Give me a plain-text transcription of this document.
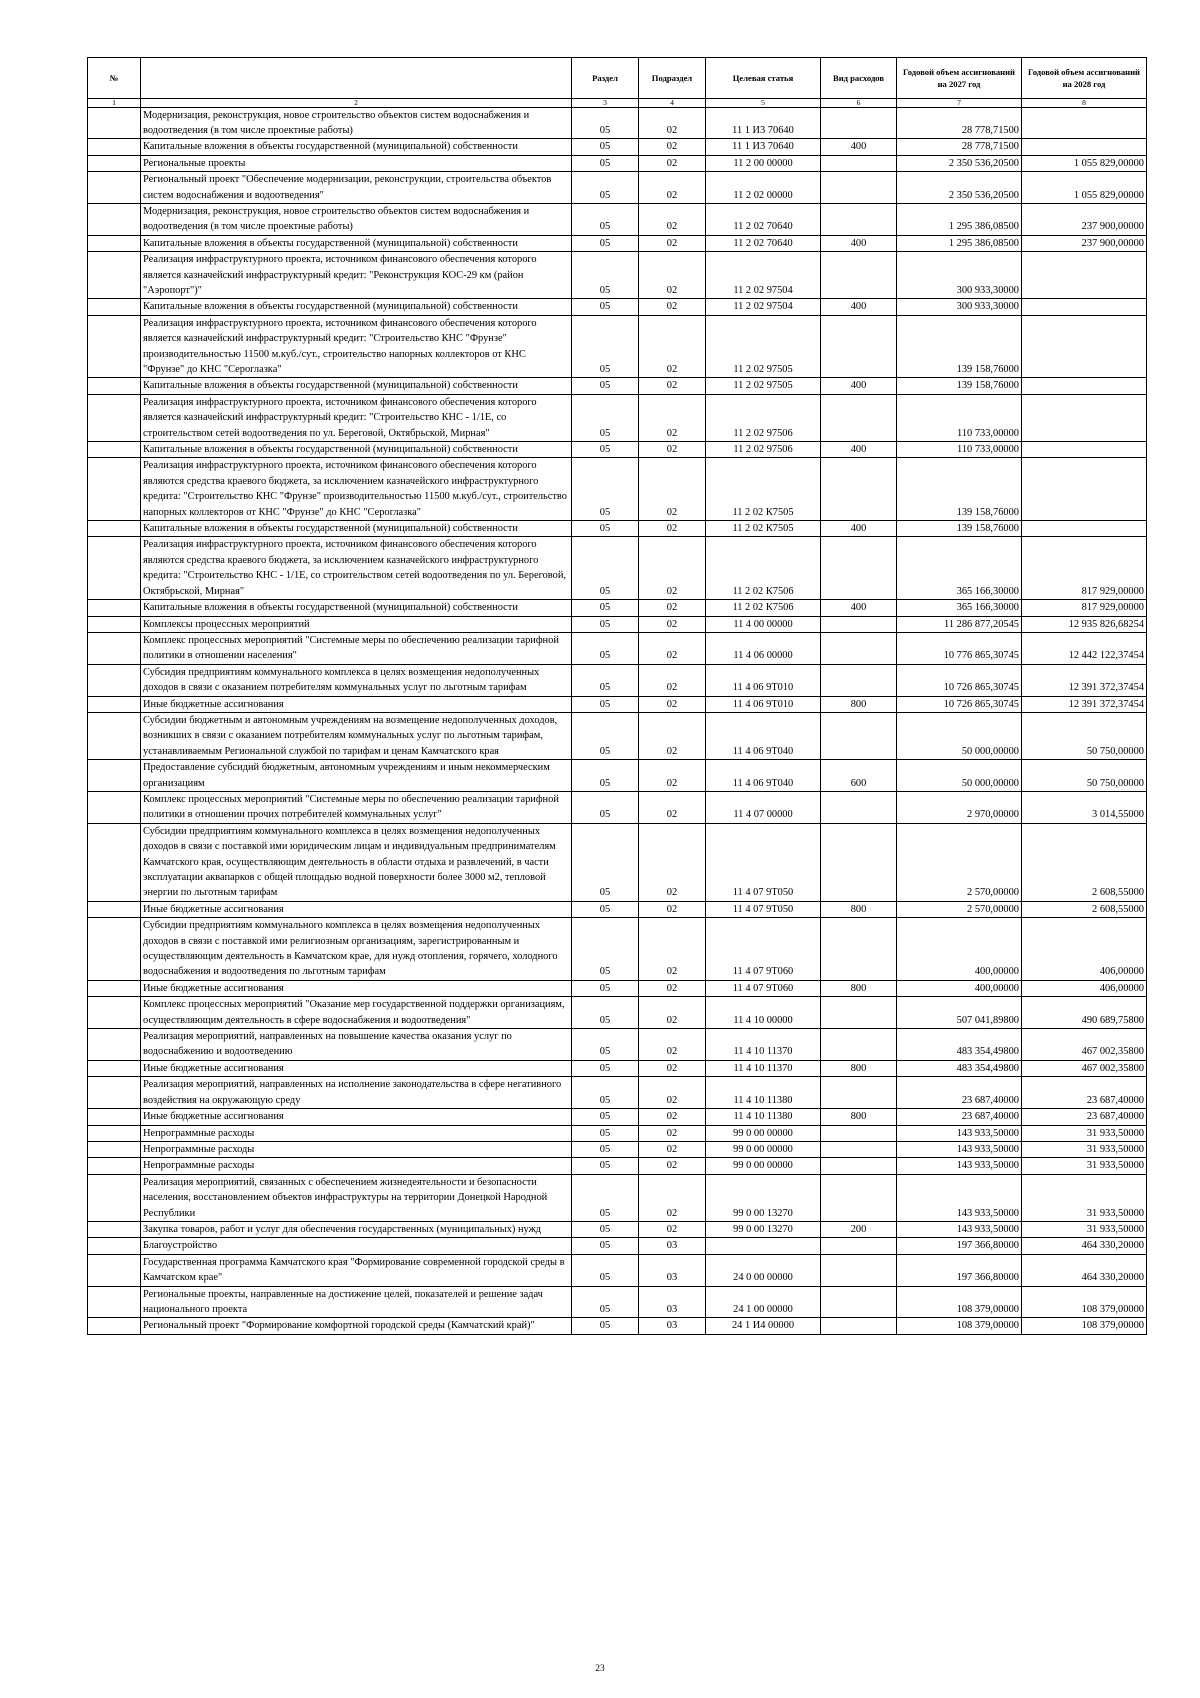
№		Раздел	Подраздел	Целевая статья	Вид расходов	Годовой объем ассигнований на 2027 год	Годовой объем ассигнований на 2028 год
1	2	3	4	5	6	7	8
	Модернизация, реконструкция, новое строительство объектов систем водоснабжения и водоотведения (в том числе проектные работы)	05	02	11 1 И3 70640		28 778,71500	
	Капитальные вложения в объекты государственной (муниципальной) собственности	05	02	11 1 И3 70640	400	28 778,71500	
	Региональные проекты	05	02	11 2 00 00000		2 350 536,20500	1 055 829,00000
	Региональный проект "Обеспечение модернизации, реконструкции, строительства объектов систем водоснабжения и водоотведения"	05	02	11 2 02 00000		2 350 536,20500	1 055 829,00000
	Модернизация, реконструкция, новое строительство объектов систем водоснабжения и водоотведения (в том числе проектные работы)	05	02	11 2 02 70640		1 295 386,08500	237 900,00000
	Капитальные вложения в объекты государственной (муниципальной) собственности	05	02	11 2 02 70640	400	1 295 386,08500	237 900,00000
	Реализация инфраструктурного проекта, источником финансового обеспечения которого является казначейский инфраструктурный кредит: "Реконструкция КОС-29 км (район "Аэропорт")"	05	02	11 2 02 97504		300 933,30000	
	Капитальные вложения в объекты государственной (муниципальной) собственности	05	02	11 2 02 97504	400	300 933,30000	
	Реализация инфраструктурного проекта, источником финансового обеспечения которого является казначейский инфраструктурный кредит: "Строительство КНС "Фрунзе" производительностью 11500 м.куб./сут., строительство напорных коллекторов от КНС "Фрунзе" до КНС "Сероглазка"	05	02	11 2 02 97505		139 158,76000	
	Капитальные вложения в объекты государственной (муниципальной) собственности	05	02	11 2 02 97505	400	139 158,76000	
	Реализация инфраструктурного проекта, источником финансового обеспечения которого является казначейский инфраструктурный кредит: "Строительство КНС - 1/1Е, со строительством сетей водоотведения по ул. Береговой, Октябрьской, Мирная"	05	02	11 2 02 97506		110 733,00000	
	Капитальные вложения в объекты государственной (муниципальной) собственности	05	02	11 2 02 97506	400	110 733,00000	
	Реализация инфраструктурного проекта, источником финансового обеспечения которого являются средства краевого бюджета, за исключением казначейского инфраструктурного кредита: "Строительство КНС "Фрунзе" производительностью 11500 м.куб./сут., строительство напорных коллекторов от КНС "Фрунзе" до КНС "Сероглазка"	05	02	11 2 02 К7505		139 158,76000	
	Капитальные вложения в объекты государственной (муниципальной) собственности	05	02	11 2 02 К7505	400	139 158,76000	
	Реализация инфраструктурного проекта, источником финансового обеспечения которого являются средства краевого бюджета, за исключением казначейского инфраструктурного кредита: "Строительство КНС - 1/1Е, со строительством сетей водоотведения по ул. Береговой, Октябрьской, Мирная"	05	02	11 2 02 К7506		365 166,30000	817 929,00000
	Капитальные вложения в объекты государственной (муниципальной) собственности	05	02	11 2 02 К7506	400	365 166,30000	817 929,00000
	Комплексы процессных мероприятий	05	02	11 4 00 00000		11 286 877,20545	12 935 826,68254
	Комплекс процессных мероприятий "Системные меры по обеспечению реализации тарифной политики в отношении населения"	05	02	11 4 06 00000		10 776 865,30745	12 442 122,37454
	Субсидия предприятиям коммунального комплекса в целях возмещения недополученных доходов в связи с оказанием потребителям коммунальных услуг по льготным тарифам	05	02	11 4 06 9Т010		10 726 865,30745	12 391 372,37454
	Иные бюджетные ассигнования	05	02	11 4 06 9Т010	800	10 726 865,30745	12 391 372,37454
	Субсидии бюджетным и автономным учреждениям на возмещение недополученных доходов, возникших в связи с оказанием потребителям коммунальных услуг по льготным тарифам, устанавливаемым Региональной службой по тарифам и ценам Камчатского края	05	02	11 4 06 9Т040		50 000,00000	50 750,00000
	Предоставление субсидий бюджетным, автономным учреждениям и иным некоммерческим организациям	05	02	11 4 06 9Т040	600	50 000,00000	50 750,00000
	Комплекс процессных мероприятий "Системные меры по обеспечению реализации тарифной политики в отношении прочих потребителей коммунальных услуг"	05	02	11 4 07 00000		2 970,00000	3 014,55000
	Субсидии предприятиям коммунального комплекса в целях возмещения недополученных доходов в связи с поставкой ими юридическим лицам и индивидуальным предпринимателям Камчатского края, осуществляющим деятельность в области отдыха и развлечений, в части эксплуатации аквапарков с общей площадью водной поверхности более 3000 м2, тепловой энергии по льготным тарифам	05	02	11 4 07 9Т050		2 570,00000	2 608,55000
	Иные бюджетные ассигнования	05	02	11 4 07 9Т050	800	2 570,00000	2 608,55000
	Субсидии предприятиям коммунального комплекса в целях возмещения недополученных доходов в связи с поставкой ими религиозным организациям, зарегистрированным и осуществляющим деятельность в Камчатском крае, для нужд отопления, горячего, холодного водоснабжения и водоотведения по льготным тарифам	05	02	11 4 07 9Т060		400,00000	406,00000
	Иные бюджетные ассигнования	05	02	11 4 07 9Т060	800	400,00000	406,00000
	Комплекс процессных мероприятий "Оказание мер государственной поддержки организациям, осуществляющим деятельность в сфере водоснабжения и водоотведения"	05	02	11 4 10 00000		507 041,89800	490 689,75800
	Реализация мероприятий, направленных на повышение качества оказания услуг по водоснабжению и водоотведению	05	02	11 4 10 11370		483 354,49800	467 002,35800
	Иные бюджетные ассигнования	05	02	11 4 10 11370	800	483 354,49800	467 002,35800
	Реализация мероприятий, направленных на исполнение законодательства в сфере негативного воздействия на окружающую среду	05	02	11 4 10 11380		23 687,40000	23 687,40000
	Иные бюджетные ассигнования	05	02	11 4 10 11380	800	23 687,40000	23 687,40000
	Непрограммные расходы	05	02	99 0 00 00000		143 933,50000	31 933,50000
	Непрограммные расходы	05	02	99 0 00 00000		143 933,50000	31 933,50000
	Непрограммные расходы	05	02	99 0 00 00000		143 933,50000	31 933,50000
	Реализация мероприятий, связанных с обеспечением жизнедеятельности и безопасности населения, восстановлением объектов инфраструктуры на территории Донецкой Народной Республики	05	02	99 0 00 13270		143 933,50000	31 933,50000
	Закупка товаров, работ и услуг для обеспечения государственных (муниципальных) нужд	05	02	99 0 00 13270	200	143 933,50000	31 933,50000
	Благоустройство	05	03			197 366,80000	464 330,20000
	Государственная программа Камчатского края "Формирование современной городской среды в Камчатском крае"	05	03	24 0 00 00000		197 366,80000	464 330,20000
	Региональные проекты, направленные на достижение целей, показателей и решение задач национального проекта	05	03	24 1 00 00000		108 379,00000	108 379,00000
	Региональный проект "Формирование комфортной городской среды (Камчатский край)"	05	03	24 1 И4 00000		108 379,00000	108 379,00000
23
